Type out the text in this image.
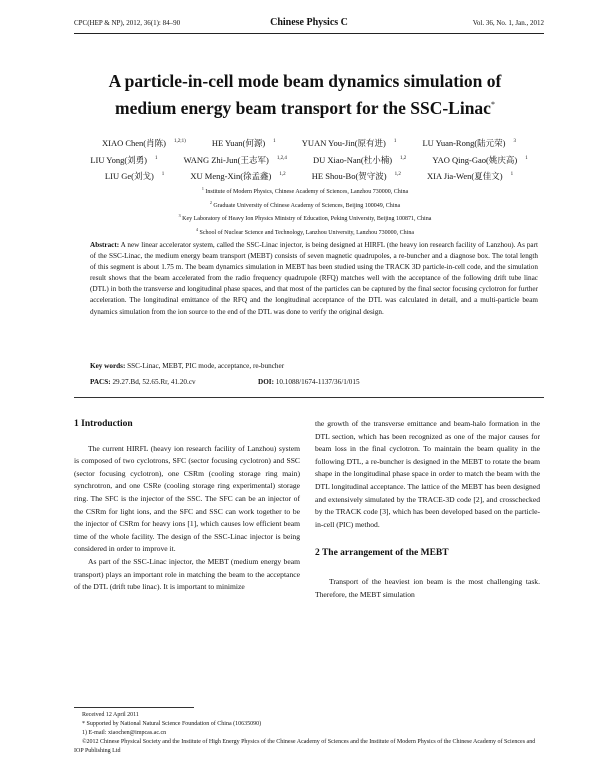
CPC(HEP & NP), 2012, 36(1): 84–90	Chinese Physics C	Vol. 36, No. 1, Jan., 2012
A particle-in-cell mode beam dynamics simulation of
medium energy beam transport for the SSC-Linac*
XIAO Chen(肖陈) $^{1,2;1)}$	HE Yuan(何源) $^1$	YUAN You-Jin(原有进) $^1$	LU Yuan-Rong(陆元荣) $^3$
LIU Yong(刘勇) $^1$	WANG Zhi-Jun(王志军) $^{1,2,4}$	DU Xiao-Nan(杜小楠) $^{1,2}$	YAO Qing-Gao(姚庆高) $^1$
LIU Ge(刘戈) $^1$	XU Meng-Xin(徐孟鑫) $^{1,2}$	HE Shou-Bo(贺守波) $^{1,2}$	XIA Jia-Wen(夏佳文) $^1$
$^1$ Institute of Modern Physics, Chinese Academy of Sciences, Lanzhou 730000, China
$^2$ Graduate University of Chinese Academy of Sciences, Beijing 100049, China
$^3$ Key Laboratory of Heavy Ion Physics Ministry of Education, Peking University, Beijing 100871, China
$^4$ School of Nuclear Science and Technology, Lanzhou University, Lanzhou 730000, China
Abstract: A new linear accelerator system, called the SSC-Linac injector, is being designed at HIRFL (the heavy ion research facility of Lanzhou). As part of the SSC-Linac, the medium energy beam transport (MEBT) consists of seven magnetic quadrupoles, a re-buncher and a diagnose box. The total length of this segment is about 1.75 m. The beam dynamics simulation in MEBT has been studied using the TRACK 3D particle-in-cell code, and the simulation result shows that the beam accelerated from the radio frequency quadrupole (RFQ) matches well with the acceptance of the following drift tube linac (DTL) in both the transverse and longitudinal phase spaces, and that most of the particles can be captured by the final sector focusing cyclotron for further acceleration. The longitudinal emittance of the RFQ and the longitudinal acceptance of the DTL was calculated in detail, and a multi-particle beam dynamics simulation from the ion source to the end of the DTL was done to verify the original design.
Key words: SSC-Linac, MEBT, PIC mode, acceptance, re-buncher
PACS: 29.27.Bd, 52.65.Rr, 41.20.cv	DOI: 10.1088/1674-1137/36/1/015
1 Introduction

The current HIRFL (heavy ion research facility of Lanzhou) system is composed of two cyclotrons, SFC (sector focusing cyclotron) and SSC (sector focusing cyclotron), one CSRm (cooling storage ring main) synchrotron, and one CSRe (cooling storage ring experimental) storage ring. The SFC is the injector of the SSC. The SFC can be an injector of the CSRm for light ions, and the SFC and SSC can work together to be the injector of CSRm for heavy ions [1], which causes low efficient beam time of the whole facility. The design of the SSC-Linac injector is being considered in order to improve it.

As part of the SSC-Linac injector, the MEBT (medium energy beam transport) plays an important role in matching the beam to the acceptance of the DTL (drift tube linac). It is important to minimize

the growth of the transverse emittance and beam-halo formation in the DTL section, which has been recognized as one of the major causes for beam loss in the final cyclotron. To maintain the beam quality in the following DTL, a re-buncher is designed in the MEBT to rotate the beam shape in the longitudinal phase space in order to match the beam with the DTL longitudinal acceptance. The lattice of the MEBT has been designed and extensively simulated by the TRACE-3D code [2], and crosschecked by the TRACK code [3], which has been developed based on the particle-in-cell (PIC) method.

2 The arrangement of the MEBT

Transport of the heaviest ion beam is the most challenging task. Therefore, the MEBT simulation

Received 12 April 2011
* Supported by National Natural Science Foundation of China (10635090)
1) E-mail: xiaochen@impcas.ac.cn
©2012 Chinese Physical Society and the Institute of High Energy Physics of the Chinese Academy of Sciences and the Institute of Modern Physics of the Chinese Academy of Sciences and IOP Publishing Ltd
